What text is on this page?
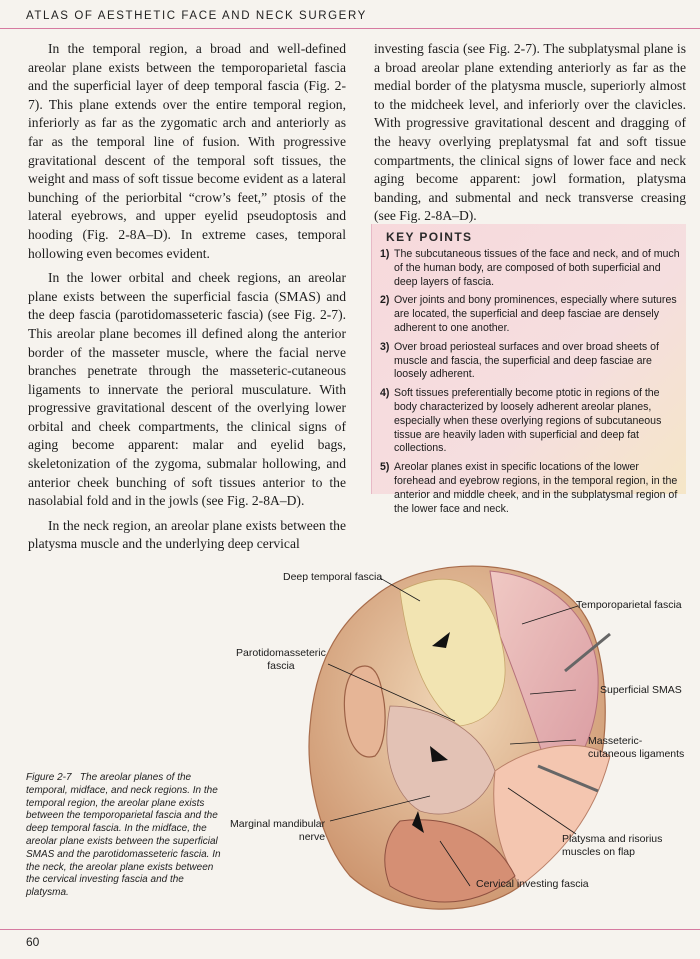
ATLAS OF AESTHETIC FACE AND NECK SURGERY

In the temporal region, a broad and well-defined areolar plane exists between the temporoparietal fascia and the superficial layer of deep temporal fascia (Fig. 2-7). This plane extends over the entire temporal region, inferiorly as far as the zygomatic arch and anteriorly as far as the temporal line of fusion. With progressive gravitational descent of the temporal soft tissues, the weight and mass of soft tissue become evident as a lateral bunching of the periorbital “crow’s feet,” ptosis of the lateral eyebrows, and upper eyelid pseudoptosis and hooding (Fig. 2-8A–D). In extreme cases, temporal hollowing even becomes evident.

In the lower orbital and cheek regions, an areolar plane exists between the superficial fascia (SMAS) and the deep fascia (parotidomasseteric fascia) (see Fig. 2-7). This areolar plane becomes ill defined along the anterior border of the masseter muscle, where the facial nerve branches penetrate through the masseteric-cutaneous ligaments to innervate the perioral musculature. With progressive gravitational descent of the overlying lower orbital and cheek compartments, the clinical signs of aging become apparent: malar and eyelid bags, skeletonization of the zygoma, submalar hollowing, and anterior cheek bunching of soft tissues anterior to the nasolabial fold and in the jowls (see Fig. 2-8A–D).

In the neck region, an areolar plane exists between the platysma muscle and the underlying deep cervical

investing fascia (see Fig. 2-7). The subplatysmal plane is a broad areolar plane extending anteriorly as far as the medial border of the platysma muscle, superiorly almost to the midcheek level, and inferiorly over the clavicles. With progressive gravitational descent and dragging of the heavy overlying preplatysmal fat and soft tissue compartments, the clinical signs of lower face and neck aging become apparent: jowl formation, platysma banding, and submental and neck transverse creasing (see Fig. 2-8A–D).

KEY POINTS
1) The subcutaneous tissues of the face and neck, and of much of the human body, are composed of both superficial and deep layers of fascia.
2) Over joints and bony prominences, especially where sutures are located, the superficial and deep fasciae are densely adherent to one another.
3) Over broad periosteal surfaces and over broad sheets of muscle and fascia, the superficial and deep fasciae are loosely adherent.
4) Soft tissues preferentially become ptotic in regions of the body characterized by loosely adherent areolar planes, especially when these overlying regions of subcutaneous tissue are heavily laden with superficial and deep fat collections.
5) Areolar planes exist in specific locations of the lower forehead and eyebrow regions, in the temporal region, in the anterior and middle cheek, and in the subplatysmal region of the lower face and neck.
Deep temporal fascia
Temporoparietal fascia
Parotidomasseteric
fascia
Superficial SMAS
Masseteric-
cutaneous ligaments
Marginal mandibular
nerve	Platysma and risorius
muscles on flap
Cervical investing fascia
Figure 2-7 The areolar planes of the temporal, midface, and neck regions. In the temporal region, the areolar plane exists between the temporoparietal fascia and the deep temporal fascia. In the midface, the areolar plane exists between the superficial SMAS and the parotidomasseteric fascia. In the neck, the areolar plane exists between the cervical investing fascia and the platysma.
60
